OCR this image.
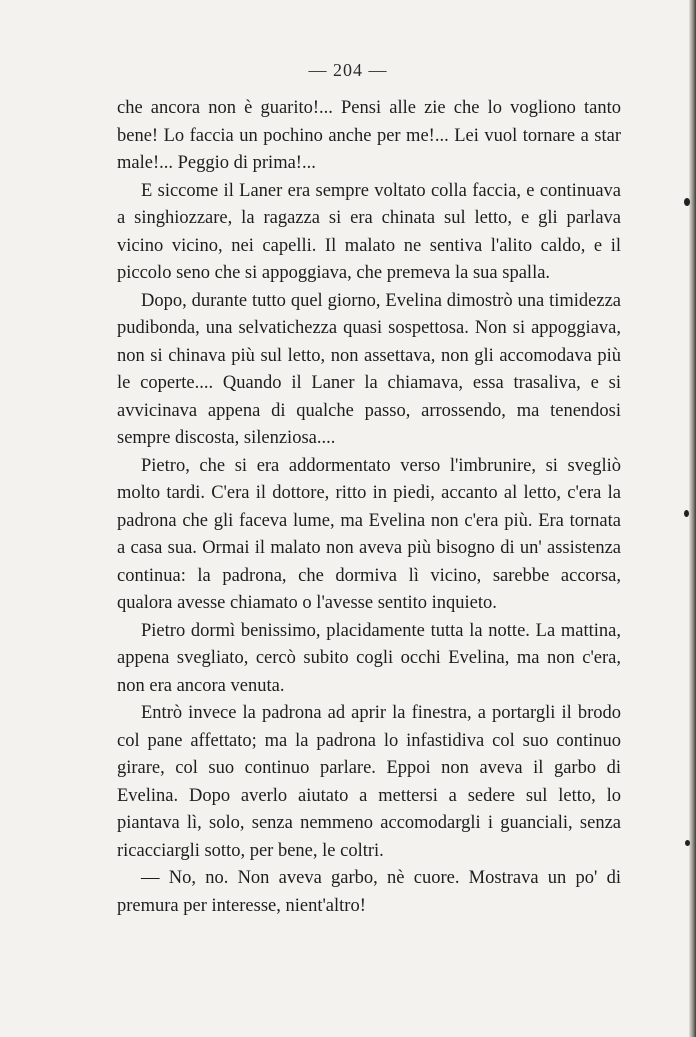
— 204 —

che ancora non è guarito!... Pensi alle zie che lo vogliono tanto bene! Lo faccia un pochino anche per me!... Lei vuol tornare a star male!... Peggio di prima!...

E siccome il Laner era sempre voltato colla faccia, e continuava a singhiozzare, la ragazza si era chinata sul letto, e gli parlava vicino vicino, nei capelli. Il malato ne sentiva l'alito caldo, e il piccolo seno che si appoggiava, che premeva la sua spalla.

Dopo, durante tutto quel giorno, Evelina dimostrò una timidezza pudibonda, una selvatichezza quasi sospettosa. Non si appoggiava, non si chinava più sul letto, non assettava, non gli accomodava più le coperte.... Quando il Laner la chiamava, essa trasaliva, e si avvicinava appena di qualche passo, arrossendo, ma tenendosi sempre discosta, silenziosa....

Pietro, che si era addormentato verso l'imbrunire, si svegliò molto tardi. C'era il dottore, ritto in piedi, accanto al letto, c'era la padrona che gli faceva lume, ma Evelina non c'era più. Era tornata a casa sua. Ormai il malato non aveva più bisogno di un' assistenza continua: la padrona, che dormiva lì vicino, sarebbe accorsa, qualora avesse chiamato o l'avesse sentito inquieto.

Pietro dormì benissimo, placidamente tutta la notte. La mattina, appena svegliato, cercò subito cogli occhi Evelina, ma non c'era, non era ancora venuta.

Entrò invece la padrona ad aprir la finestra, a portargli il brodo col pane affettato; ma la padrona lo infastidiva col suo continuo girare, col suo continuo parlare. Eppoi non aveva il garbo di Evelina. Dopo averlo aiutato a mettersi a sedere sul letto, lo piantava lì, solo, senza nemmeno accomodargli i guanciali, senza ricacciargli sotto, per bene, le coltri.

— No, no. Non aveva garbo, nè cuore. Mostrava un po' di premura per interesse, nient'altro!
